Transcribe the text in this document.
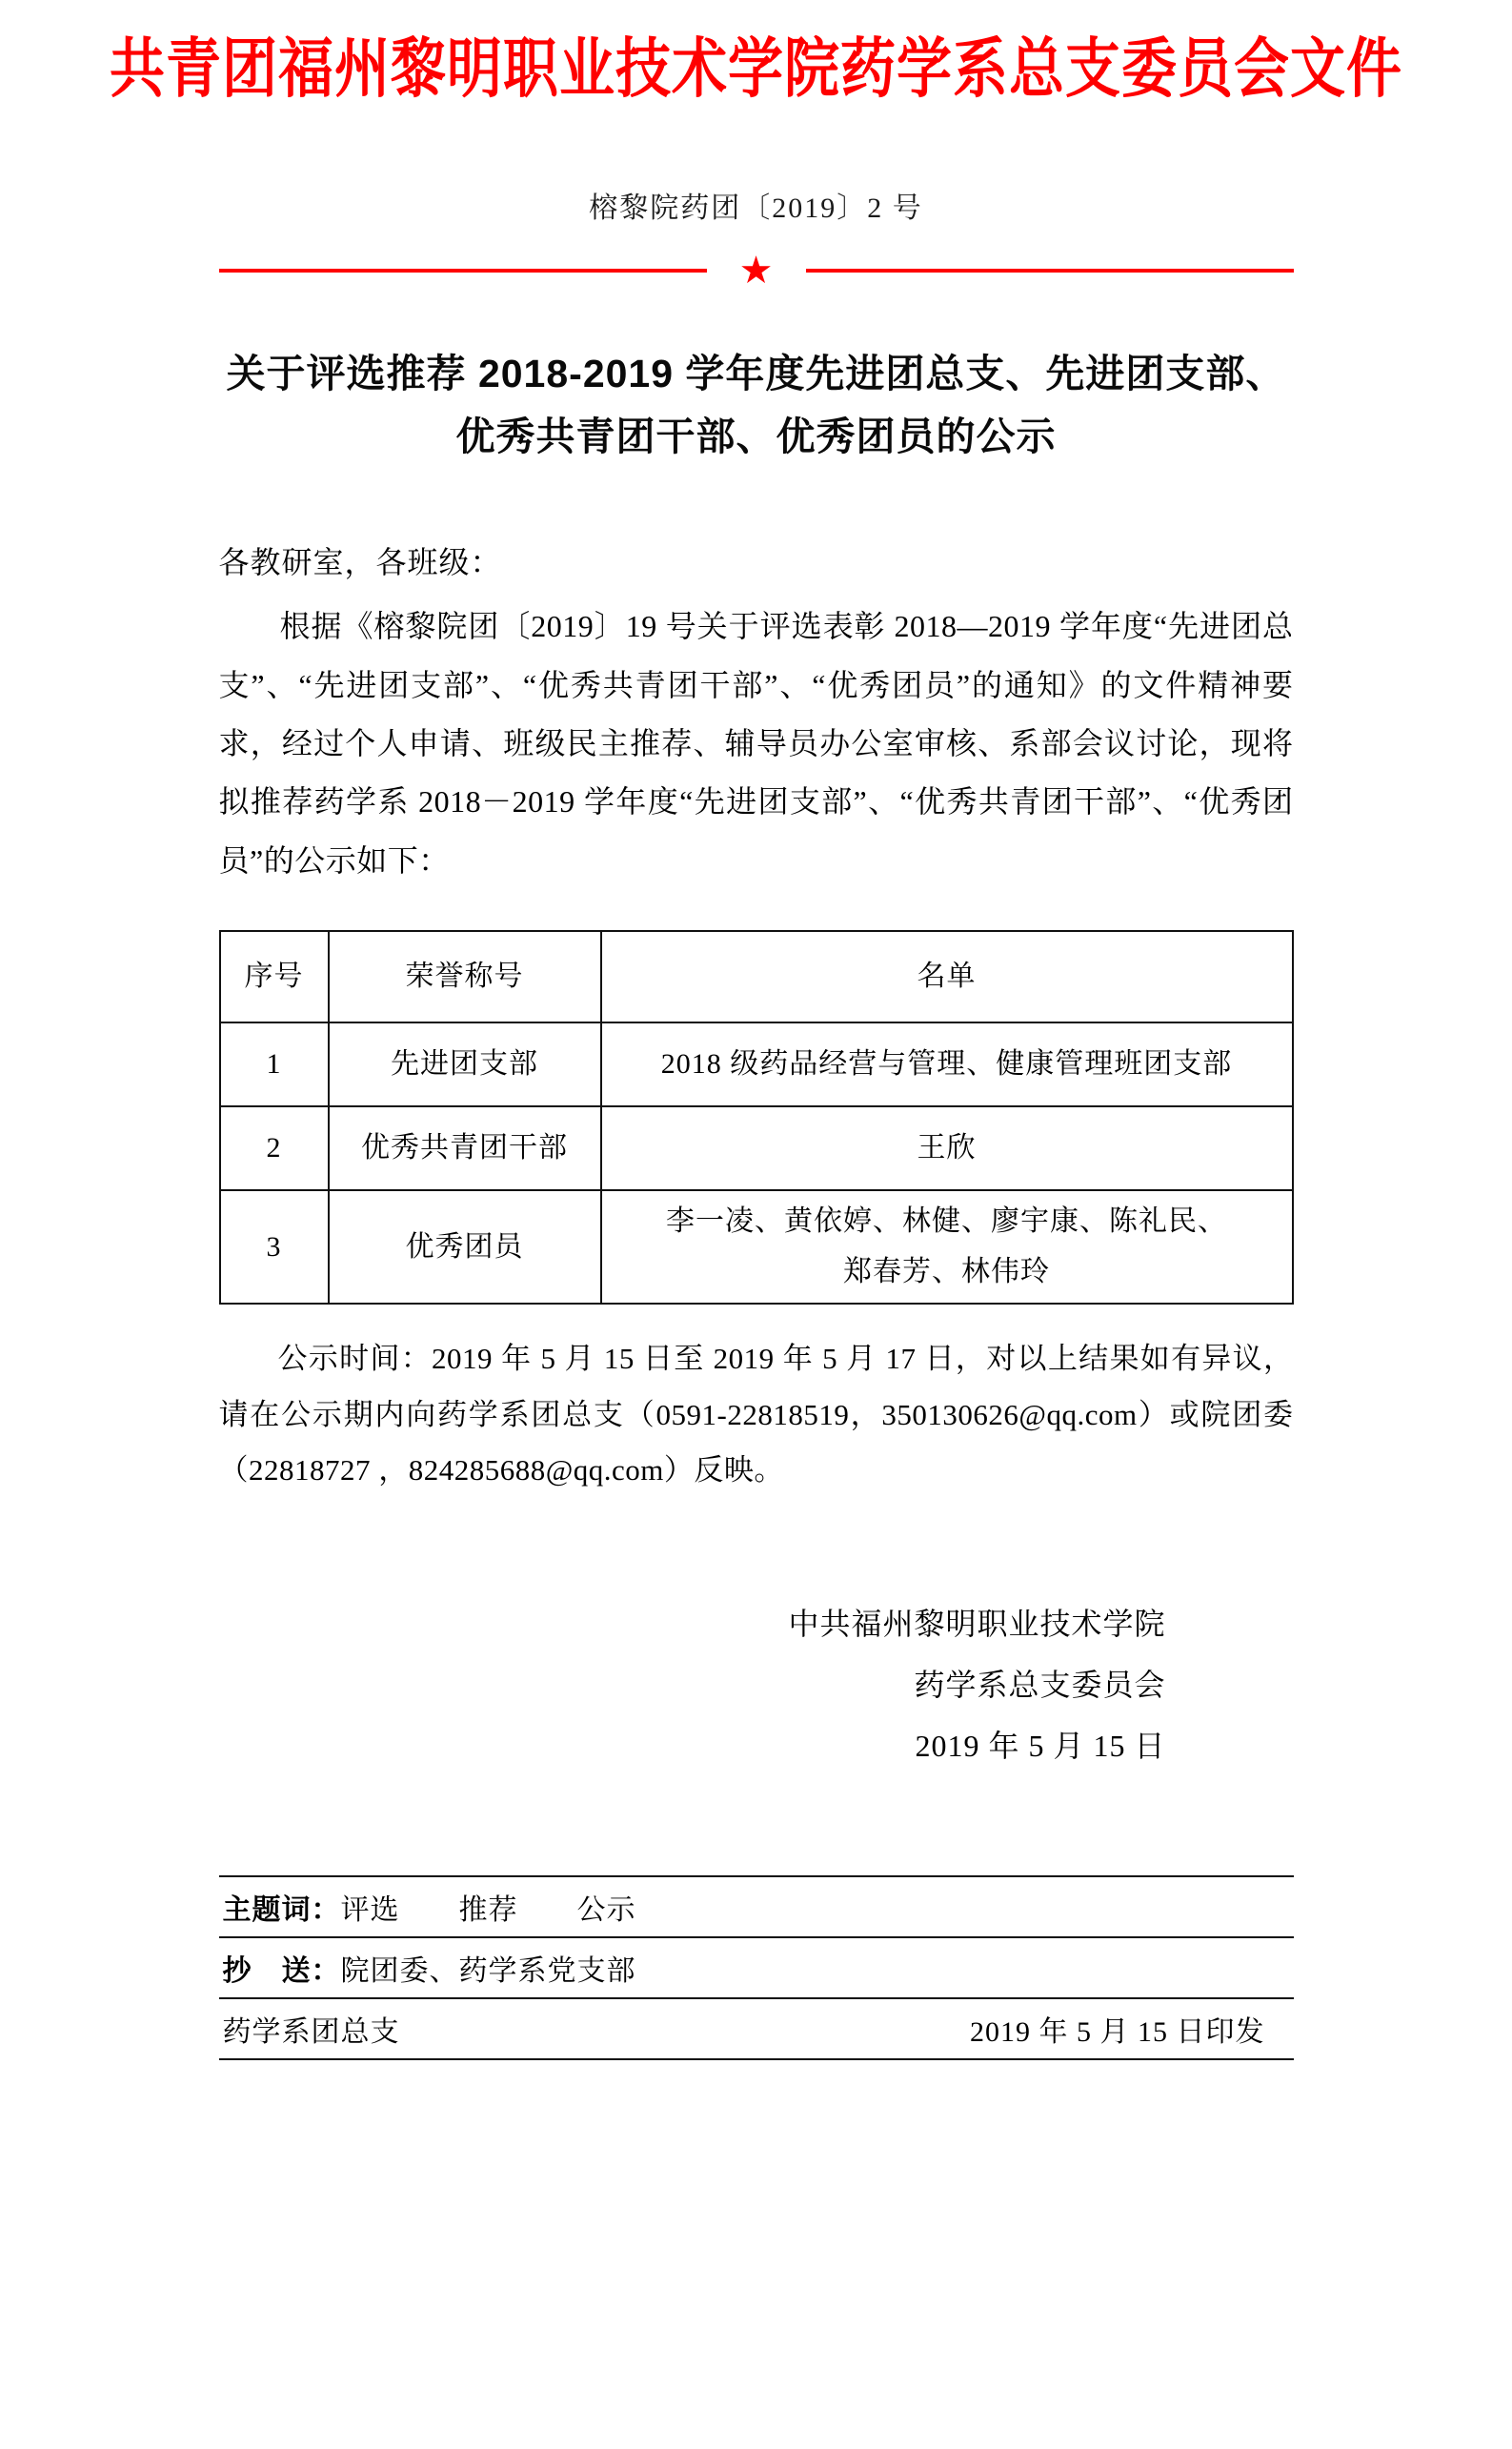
共青团福州黎明职业技术学院药学系总支委员会文件
榕黎院药团〔2019〕2 号
★
关于评选推荐 2018-2019 学年度先进团总支、先进团支部、
优秀共青团干部、优秀团员的公示
各教研室，各班级：
根据《榕黎院团〔2019〕19 号关于评选表彰 2018—2019 学年度“先进团总支”、“先进团支部”、“优秀共青团干部”、“优秀团员”的通知》的文件精神要求，经过个人申请、班级民主推荐、辅导员办公室审核、系部会议讨论，现将拟推荐药学系 2018－2019 学年度“先进团支部”、“优秀共青团干部”、“优秀团员”的公示如下：
序号	荣誉称号	名单
1	先进团支部	2018 级药品经营与管理、健康管理班团支部
2	优秀共青团干部	王欣
3	优秀团员	李一凌、黄依婷、林健、廖宇康、陈礼民、
郑春芳、林伟玲
公示时间：2019 年 5 月 15 日至 2019 年 5 月 17 日，对以上结果如有异议，请在公示期内向药学系团总支（0591-22818519，350130626@qq.com）或院团委（22818727 ，824285688@qq.com）反映。
中共福州黎明职业技术学院
药学系总支委员会
2019 年 5 月 15 日
主题词：评选　　推荐　　公示
抄　送：院团委、药学系党支部
药学系团总支	2019 年 5 月 15 日印发
